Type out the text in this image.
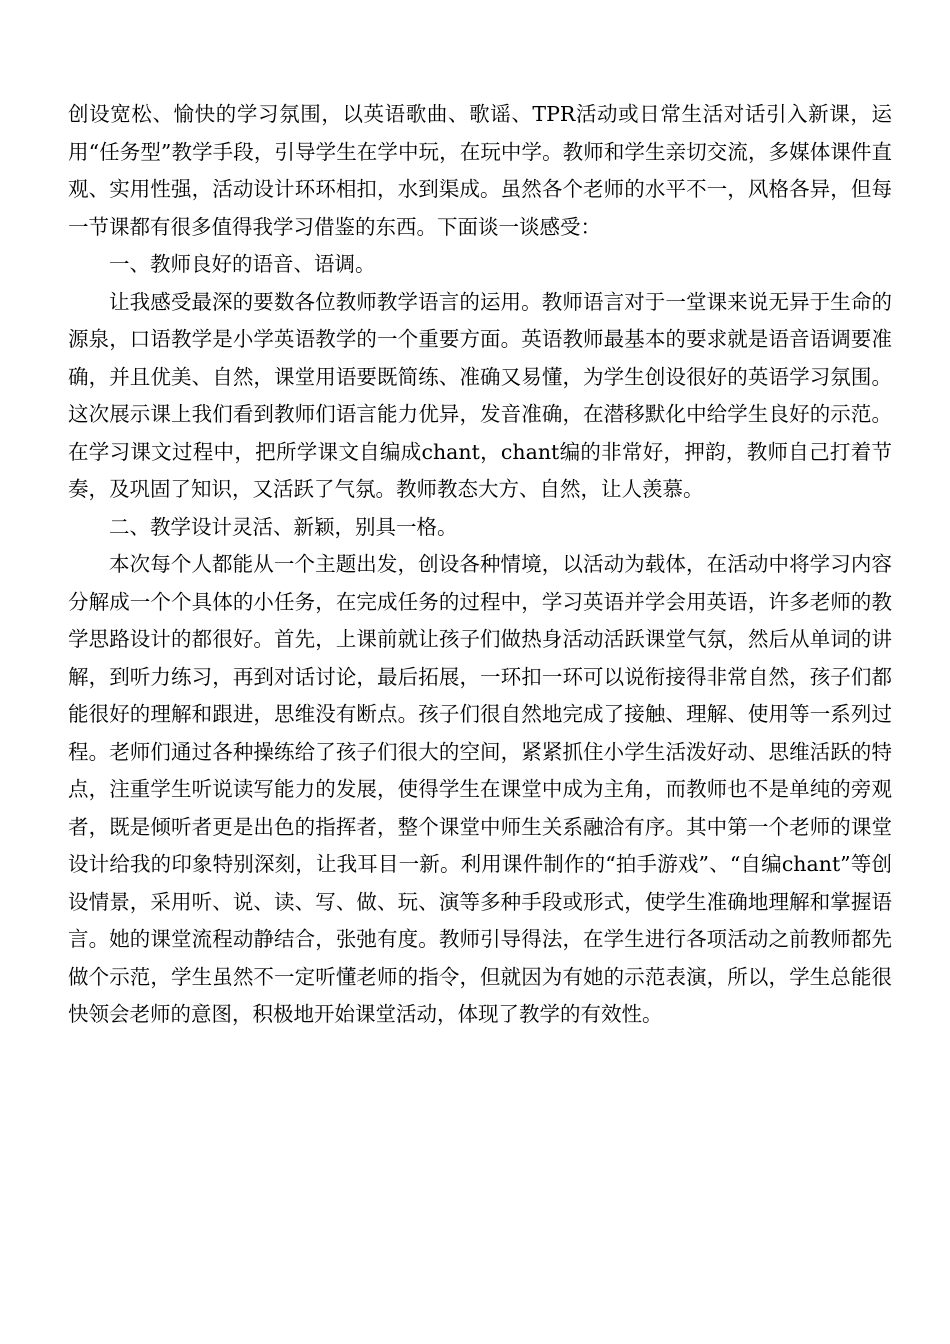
创设宽松、愉快的学习氛围，以英语歌曲、歌谣、TPR活动或日常生活对话引入新课，运用“任务型”教学手段，引导学生在学中玩，在玩中学。教师和学生亲切交流，多媒体课件直观、实用性强，活动设计环环相扣，水到渠成。虽然各个老师的水平不一，风格各异，但每一节课都有很多值得我学习借鉴的东西。下面谈一谈感受：

一、教师良好的语音、语调。

让我感受最深的要数各位教师教学语言的运用。教师语言对于一堂课来说无异于生命的源泉，口语教学是小学英语教学的一个重要方面。英语教师最基本的要求就是语音语调要准确，并且优美、自然，课堂用语要既简练、准确又易懂，为学生创设很好的英语学习氛围。这次展示课上我们看到教师们语言能力优异，发音准确，在潜移默化中给学生良好的示范。在学习课文过程中，把所学课文自编成chant，chant编的非常好，押韵，教师自己打着节奏，及巩固了知识，又活跃了气氛。教师教态大方、自然，让人羡慕。

二、教学设计灵活、新颖，别具一格。

本次每个人都能从一个主题出发，创设各种情境，以活动为载体，在活动中将学习内容分解成一个个具体的小任务，在完成任务的过程中，学习英语并学会用英语，许多老师的教学思路设计的都很好。首先，上课前就让孩子们做热身活动活跃课堂气氛，然后从单词的讲解，到听力练习，再到对话讨论，最后拓展，一环扣一环可以说衔接得非常自然，孩子们都能很好的理解和跟进，思维没有断点。孩子们很自然地完成了接触、理解、使用等一系列过程。老师们通过各种操练给了孩子们很大的空间，紧紧抓住小学生活泼好动、思维活跃的特点，注重学生听说读写能力的发展，使得学生在课堂中成为主角，而教师也不是单纯的旁观者，既是倾听者更是出色的指挥者，整个课堂中师生关系融洽有序。其中第一个老师的课堂设计给我的印象特别深刻，让我耳目一新。利用课件制作的“拍手游戏”、“自编chant”等创设情景，采用听、说、读、写、做、玩、演等多种手段或形式，使学生准确地理解和掌握语言。她的课堂流程动静结合，张弛有度。教师引导得法，在学生进行各项活动之前教师都先做个示范，学生虽然不一定听懂老师的指令，但就因为有她的示范表演，所以，学生总能很快领会老师的意图，积极地开始课堂活动，体现了教学的有效性。
